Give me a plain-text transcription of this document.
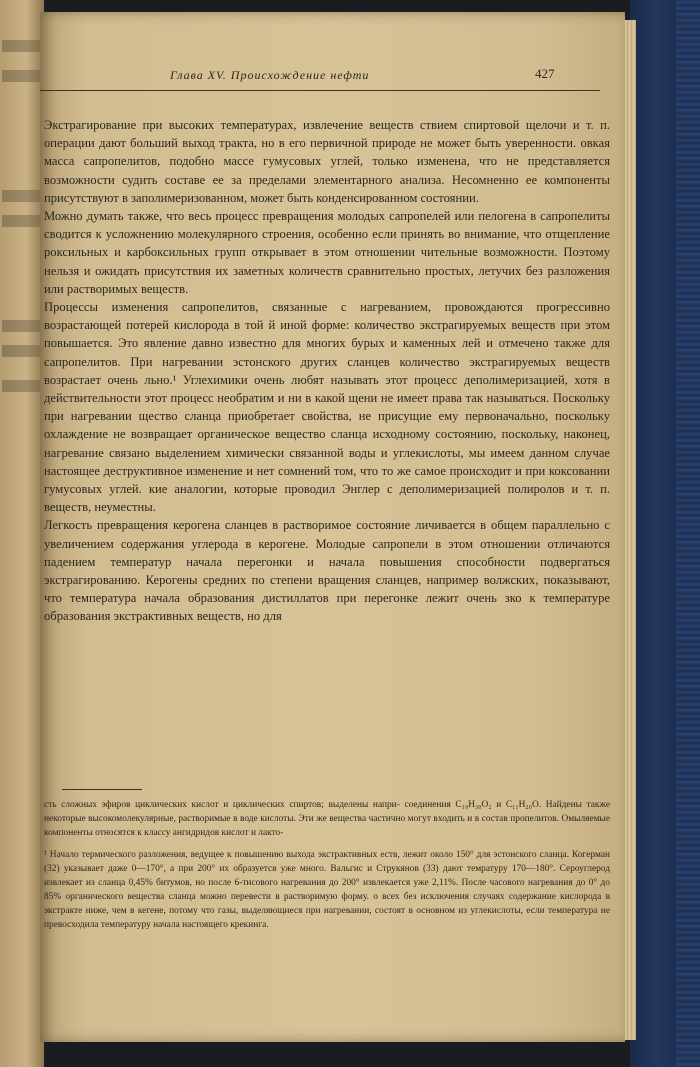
Глава XV. Происхождение нефти	427

Экстрагирование при высоких температурах, извлечение веществ ствием спиртовой щелочи и т. п. операции дают больший выход тракта, но в его первичной природе не может быть уверенности. овкая масса сапропелитов, подобно массе гумусовых углей, только изменена, что не представляется возможности судить составе ее за пределами элементарного анализа. Несомненно ее компоненты присутствуют в заполимеризованном, может быть конденсированном состоянии.

Можно думать также, что весь процесс превращения молодых сапропелей или пелогена в сапропелиты сводится к усложнению молекулярного строения, особенно если принять во внимание, что отщепление роксильных и карбоксильных групп открывает в этом отношении чительные возможности. Поэтому нельзя и ожидать присутствия их заметных количеств сравнительно простых, летучих без разложения или растворимых веществ.

Процессы изменения сапропелитов, связанные с нагреванием, провождаются прогрессивно возрастающей потерей кислорода в той й иной форме: количество экстрагируемых веществ при этом повышается. Это явление давно известно для многих бурых и каменных лей и отмечено также для сапропелитов. При нагревании эстонского других сланцев количество экстрагируемых веществ возрастает очень льно.¹ Углехимики очень любят называть этот процесс деполимеризацией, хотя в действительности этот процесс необратим и ни в какой щени не имеет права так называться. Поскольку при нагревании щество сланца приобретает свойства, не присущие ему первоначально, поскольку охлаждение не возвращает органическое вещество сланца исходному состоянию, поскольку, наконец, нагревание связано выделением химически связанной воды и углекислоты, мы имеем данном случае настоящее деструктивное изменение и нет сомнений том, что то же самое происходит и при коксовании гумусовых углей. кие аналогии, которые проводил Энглер с деполимеризацией полиролов и т. п. веществ, неуместны.

Легкость превращения керогена сланцев в растворимое состояние личивается в общем параллельно с увеличением содержания углерода в керогене. Молодые сапропели в этом отношении отличаются падением температур начала перегонки и начала повышения способности подвергаться экстрагированию. Керогены средних по степени вращения сланцев, например волжских, показывают, что температура начала образования дистиллатов при перегонке лежит очень зко к температуре образования экстрактивных веществ, но для

сть сложных эфиров циклических кислот и циклических спиртов; выделены напри- соединения C₁₉H₃₀O₂ и C₁₁H₂₀O. Найдены также некоторые высокомолекулярные, растворимые в воде кислоты. Эти же вещества частично могут входить и в состав пропелитов. Омыляемые компоненты относятся к классу ангидридов кислот и лакто-

¹ Начало термического разложения, ведущее к повышению выхода экстрактивных еств, лежит около 150° для эстонского сланца. Когерман (32) указывает даже 0—170°, а при 200° их образуется уже много. Вальгис и Струкянов (33) дают темратуру 170—180°. Сероуглерод извлекает из сланца 0,45% битумов, но после 6-тисового нагревания до 200° извлекается уже 2,11%. После часового нагревания до 0° до 85% органического вещества сланца можно перевести в растворимую форму. о всех без исключения случаях содержание кислорода в экстракте ниже, чем в кегене, потому что газы, выделяющиеся при нагревании, состоят в основном из углекислоты, если температура не превосходила температуру начала настоящего крекинга.
